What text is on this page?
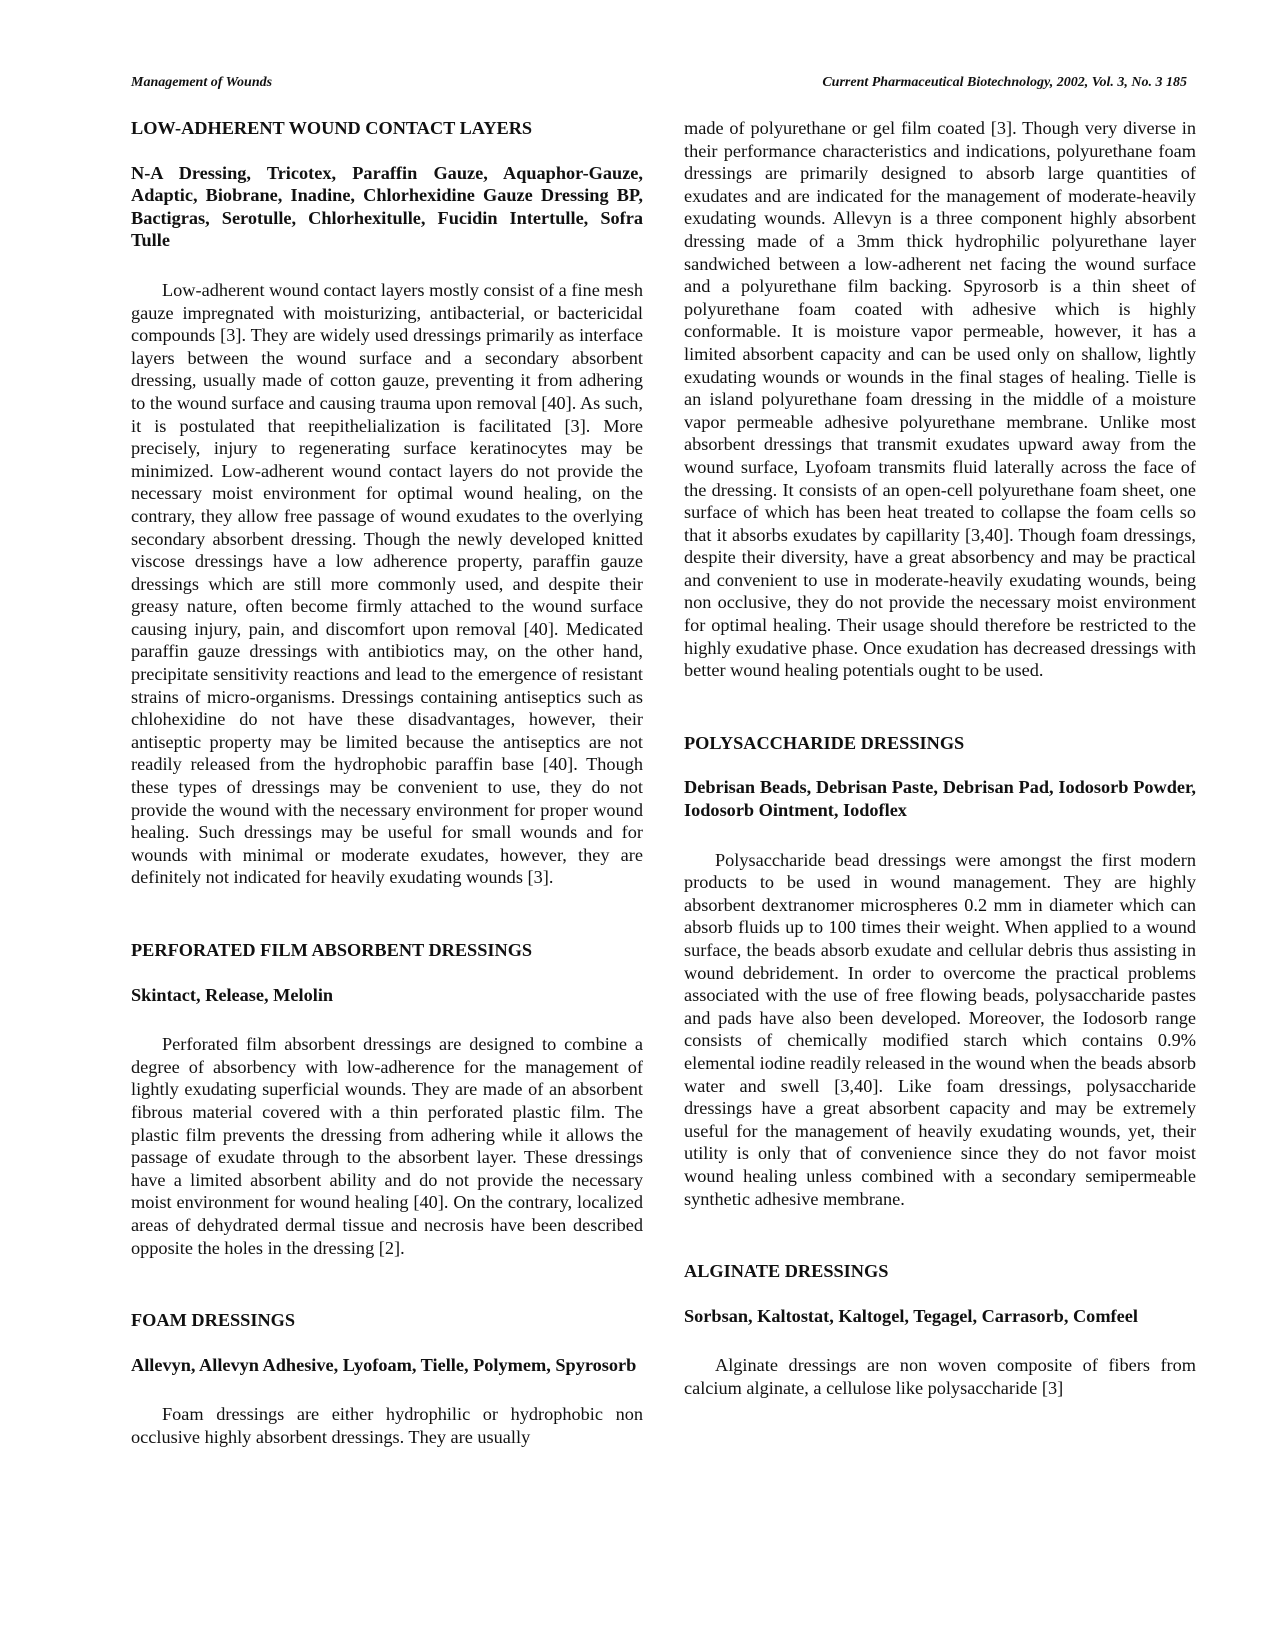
Management of Wounds	Current Pharmaceutical Biotechnology, 2002, Vol. 3, No. 3 185
LOW-ADHERENT WOUND CONTACT LAYERS
N-A Dressing, Tricotex, Paraffin Gauze, Aquaphor-Gauze, Adaptic, Biobrane, Inadine, Chlorhexidine Gauze Dressing BP, Bactigras, Serotulle, Chlorhexitulle, Fucidin Intertulle, Sofra Tulle

Low-adherent wound contact layers mostly consist of a fine mesh gauze impregnated with moisturizing, antibacterial, or bactericidal compounds [3]. They are widely used dressings primarily as interface layers between the wound surface and a secondary absorbent dressing, usually made of cotton gauze, preventing it from adhering to the wound surface and causing trauma upon removal [40]. As such, it is postulated that reepithelialization is facilitated [3]. More precisely, injury to regenerating surface keratinocytes may be minimized. Low-adherent wound contact layers do not provide the necessary moist environment for optimal wound healing, on the contrary, they allow free passage of wound exudates to the overlying secondary absorbent dressing. Though the newly developed knitted viscose dressings have a low adherence property, paraffin gauze dressings which are still more commonly used, and despite their greasy nature, often become firmly attached to the wound surface causing injury, pain, and discomfort upon removal [40]. Medicated paraffin gauze dressings with antibiotics may, on the other hand, precipitate sensitivity reactions and lead to the emergence of resistant strains of micro-organisms. Dressings containing antiseptics such as chlohexidine do not have these disadvantages, however, their antiseptic property may be limited because the antiseptics are not readily released from the hydrophobic paraffin base [40]. Though these types of dressings may be convenient to use, they do not provide the wound with the necessary environment for proper wound healing. Such dressings may be useful for small wounds and for wounds with minimal or moderate exudates, however, they are definitely not indicated for heavily exudating wounds [3].

PERFORATED FILM ABSORBENT DRESSINGS
Skintact, Release, Melolin

Perforated film absorbent dressings are designed to combine a degree of absorbency with low-adherence for the management of lightly exudating superficial wounds. They are made of an absorbent fibrous material covered with a thin perforated plastic film. The plastic film prevents the dressing from adhering while it allows the passage of exudate through to the absorbent layer. These dressings have a limited absorbent ability and do not provide the necessary moist environment for wound healing [40]. On the contrary, localized areas of dehydrated dermal tissue and necrosis have been described opposite the holes in the dressing [2].

FOAM DRESSINGS
Allevyn, Allevyn Adhesive, Lyofoam, Tielle, Polymem, Spyrosorb

Foam dressings are either hydrophilic or hydrophobic non occlusive highly absorbent dressings. They are usually

made of polyurethane or gel film coated [3]. Though very diverse in their performance characteristics and indications, polyurethane foam dressings are primarily designed to absorb large quantities of exudates and are indicated for the management of moderate-heavily exudating wounds. Allevyn is a three component highly absorbent dressing made of a 3mm thick hydrophilic polyurethane layer sandwiched between a low-adherent net facing the wound surface and a polyurethane film backing. Spyrosorb is a thin sheet of polyurethane foam coated with adhesive which is highly conformable. It is moisture vapor permeable, however, it has a limited absorbent capacity and can be used only on shallow, lightly exudating wounds or wounds in the final stages of healing. Tielle is an island polyurethane foam dressing in the middle of a moisture vapor permeable adhesive polyurethane membrane. Unlike most absorbent dressings that transmit exudates upward away from the wound surface, Lyofoam transmits fluid laterally across the face of the dressing. It consists of an open-cell polyurethane foam sheet, one surface of which has been heat treated to collapse the foam cells so that it absorbs exudates by capillarity [3,40]. Though foam dressings, despite their diversity, have a great absorbency and may be practical and convenient to use in moderate-heavily exudating wounds, being non occlusive, they do not provide the necessary moist environment for optimal healing. Their usage should therefore be restricted to the highly exudative phase. Once exudation has decreased dressings with better wound healing potentials ought to be used.

POLYSACCHARIDE DRESSINGS
Debrisan Beads, Debrisan Paste, Debrisan Pad, Iodosorb Powder, Iodosorb Ointment, Iodoflex

Polysaccharide bead dressings were amongst the first modern products to be used in wound management. They are highly absorbent dextranomer microspheres 0.2 mm in diameter which can absorb fluids up to 100 times their weight. When applied to a wound surface, the beads absorb exudate and cellular debris thus assisting in wound debridement. In order to overcome the practical problems associated with the use of free flowing beads, polysaccharide pastes and pads have also been developed. Moreover, the Iodosorb range consists of chemically modified starch which contains 0.9% elemental iodine readily released in the wound when the beads absorb water and swell [3,40]. Like foam dressings, polysaccharide dressings have a great absorbent capacity and may be extremely useful for the management of heavily exudating wounds, yet, their utility is only that of convenience since they do not favor moist wound healing unless combined with a secondary semipermeable synthetic adhesive membrane.

ALGINATE DRESSINGS
Sorbsan, Kaltostat, Kaltogel, Tegagel, Carrasorb, Comfeel

Alginate dressings are non woven composite of fibers from calcium alginate, a cellulose like polysaccharide [3]
